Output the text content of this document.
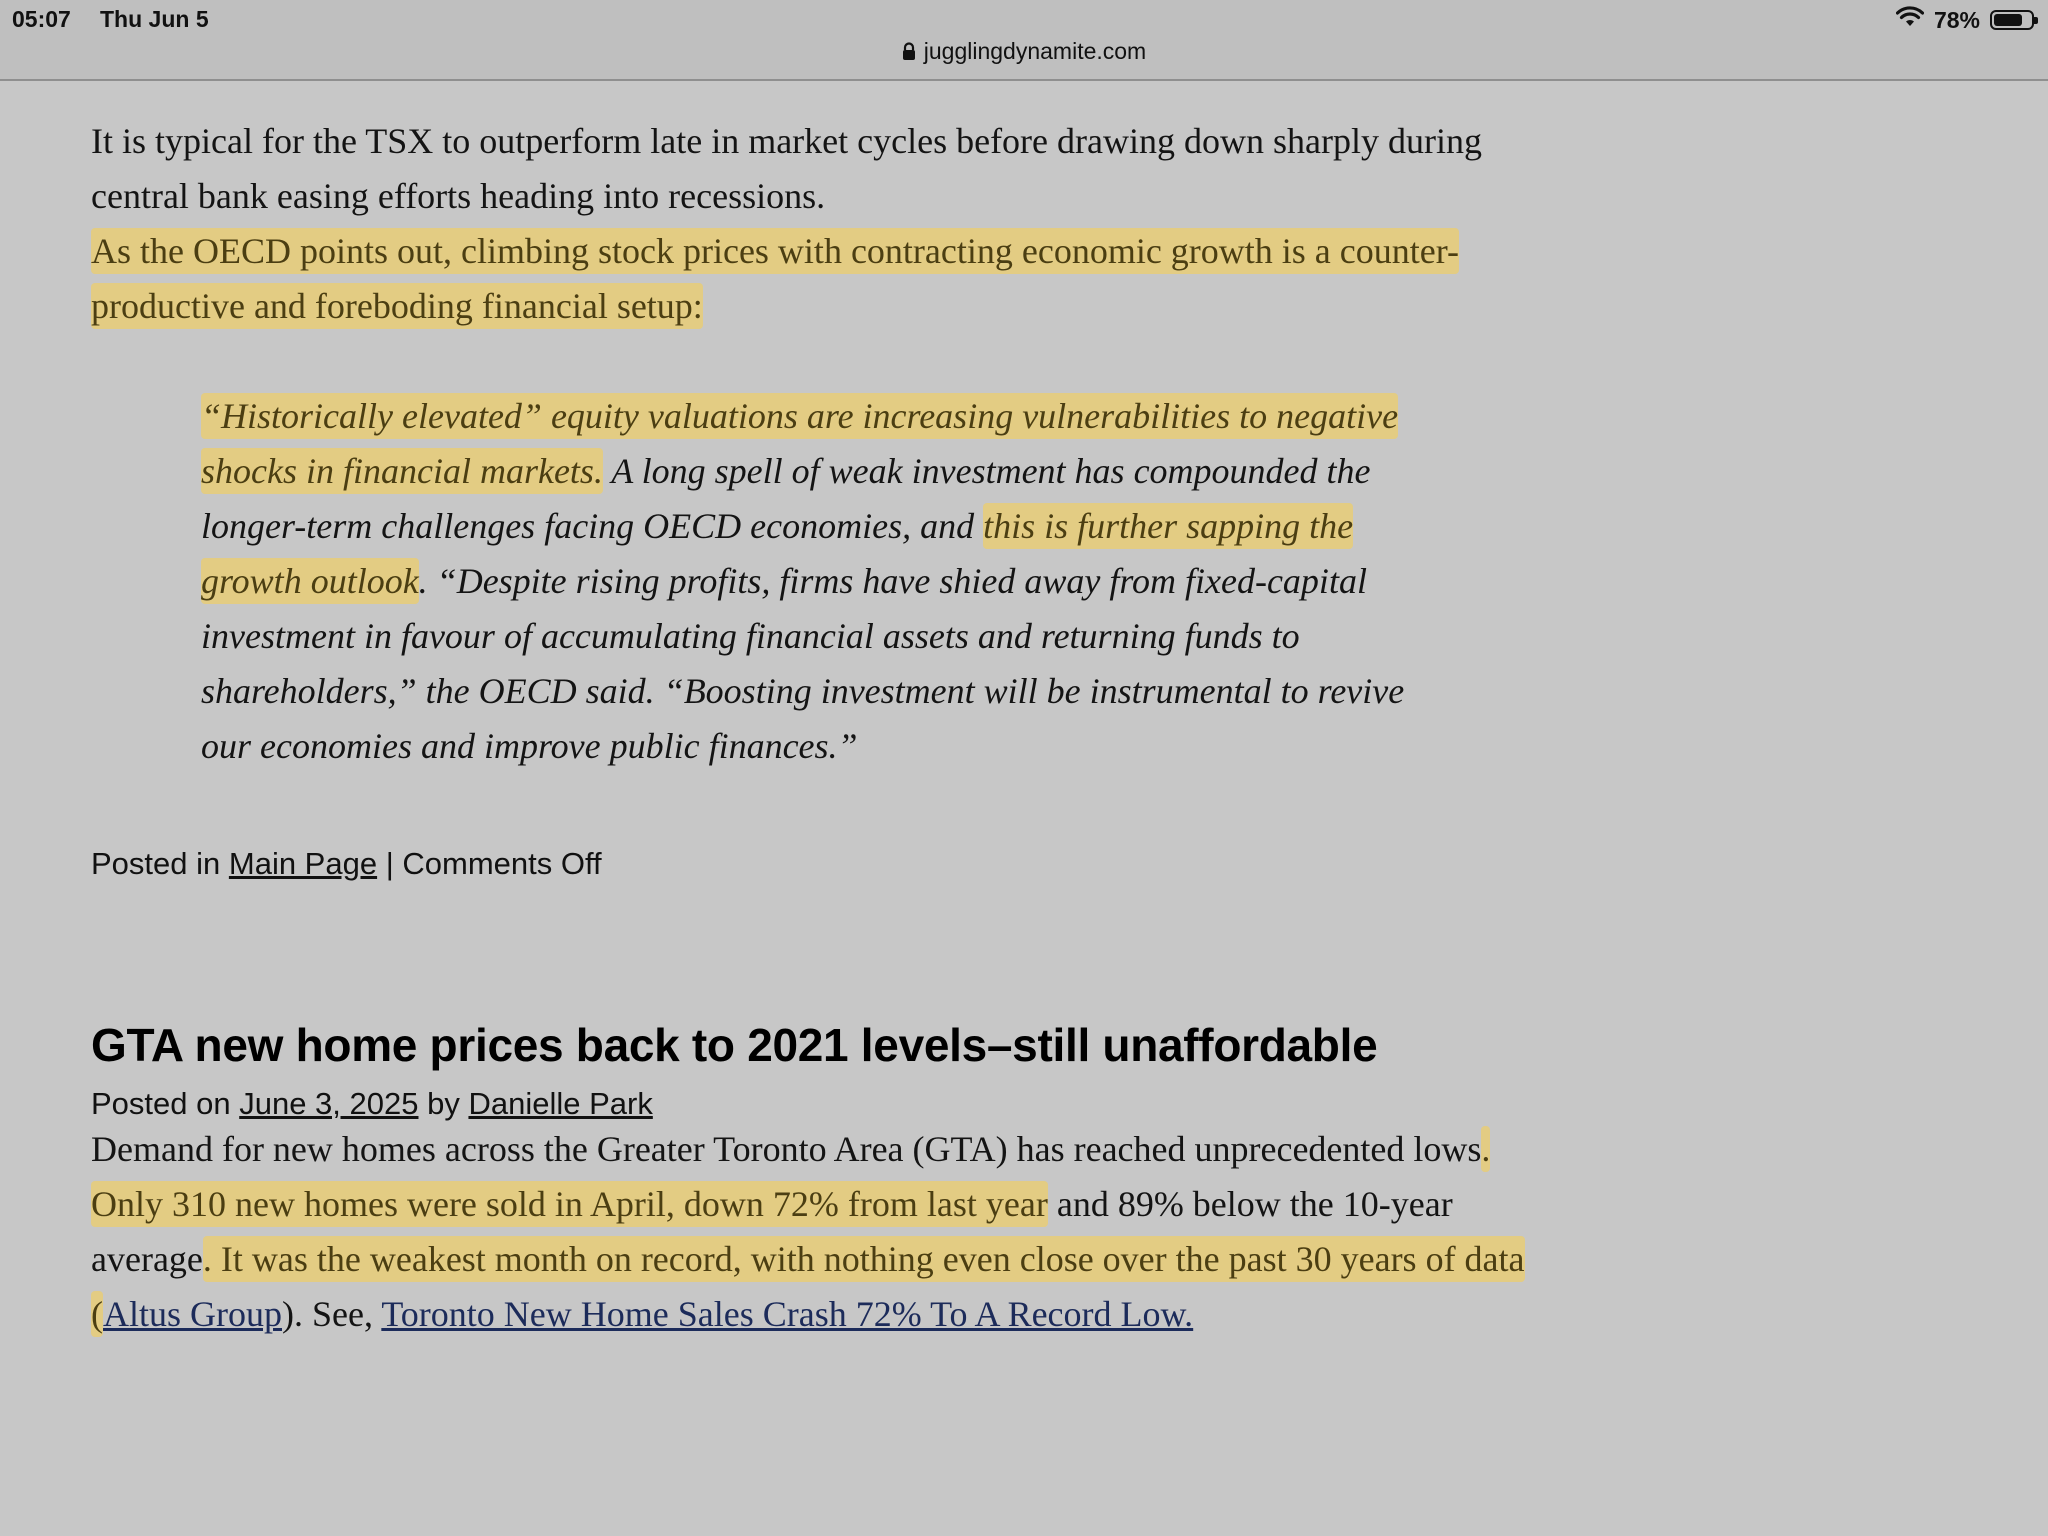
05:07 Thu Jun 5	78%
jugglingdynamite.com

It is typical for the TSX to outperform late in market cycles before drawing down sharply during central bank easing efforts heading into recessions.

As the OECD points out, climbing stock prices with contracting economic growth is a counter-productive and foreboding financial setup:

“Historically elevated” equity valuations are increasing vulnerabilities to negative shocks in financial markets. A long spell of weak investment has compounded the longer-term challenges facing OECD economies, and this is further sapping the growth outlook. “Despite rising profits, firms have shied away from fixed-capital investment in favour of accumulating financial assets and returning funds to shareholders,” the OECD said. “Boosting investment will be instrumental to revive our economies and improve public finances.”
Posted in Main Page | Comments Off
GTA new home prices back to 2021 levels–still unaffordable
Posted on June 3, 2025 by Danielle Park

Demand for new homes across the Greater Toronto Area (GTA) has reached unprecedented lows. Only 310 new homes were sold in April, down 72% from last year and 89% below the 10-year average. It was the weakest month on record, with nothing even close over the past 30 years of data (Altus Group). See, Toronto New Home Sales Crash 72% To A Record Low.
